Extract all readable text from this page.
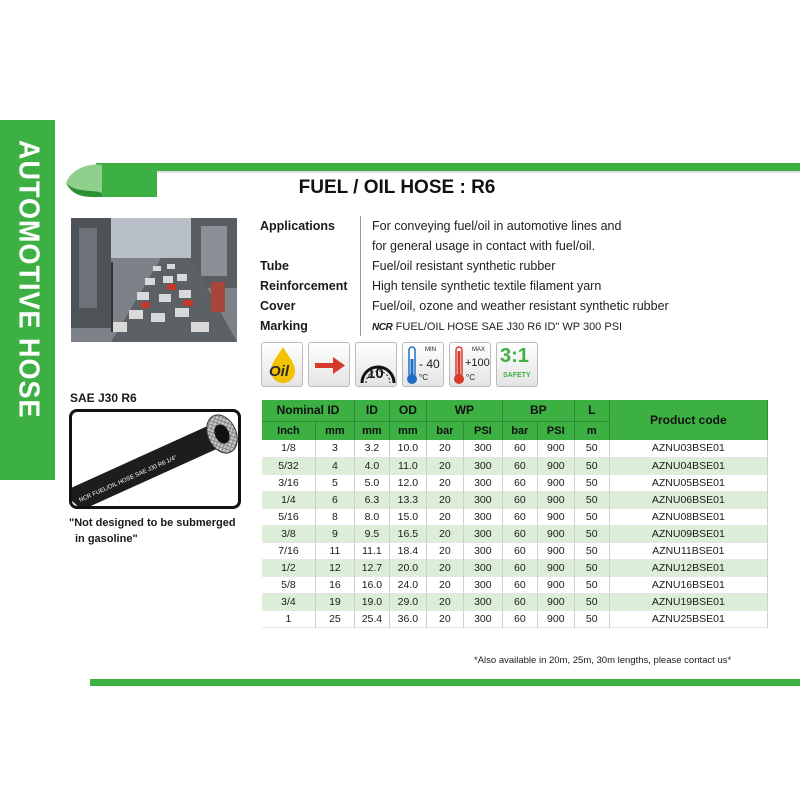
AUTOMOTIVE HOSE	FUEL / OIL HOSE : R6
Applications	For conveying fuel/oil in automotive lines and
for general usage in contact with fuel/oil.
Tube	Fuel/oil resistant synthetic rubber
Reinforcement	High tensile synthetic textile filament yarn
Cover	Fuel/oil, ozone and weather resistant synthetic rubber
Marking	NCR FUEL/OIL HOSE SAE J30 R6 ID" WP 300 PSI
Oil	10
MIN
- 40
°C
MAX
+100
°C
3:1
SAFETY
SAE J30 R6
NCR FUEL/OIL HOSE SAE J30 R6 1/4"
"Not designed to be submerged
in gasoline"
Nominal ID		ID	OD	WP		BP		L	Product code
Inch	mm	mm	mm	bar	PSI	bar	PSI	m	
1/8	3	3.2	10.0	20	300	60	900	50	AZNU03BSE01
5/32	4	4.0	11.0	20	300	60	900	50	AZNU04BSE01
3/16	5	5.0	12.0	20	300	60	900	50	AZNU05BSE01
1/4	6	6.3	13.3	20	300	60	900	50	AZNU06BSE01
5/16	8	8.0	15.0	20	300	60	900	50	AZNU08BSE01
3/8	9	9.5	16.5	20	300	60	900	50	AZNU09BSE01
7/16	11	11.1	18.4	20	300	60	900	50	AZNU11BSE01
1/2	12	12.7	20.0	20	300	60	900	50	AZNU12BSE01
5/8	16	16.0	24.0	20	300	60	900	50	AZNU16BSE01
3/4	19	19.0	29.0	20	300	60	900	50	AZNU19BSE01
1	25	25.4	36.0	20	300	60	900	50	AZNU25BSE01
*Also available in 20m, 25m, 30m lengths, please contact us*
